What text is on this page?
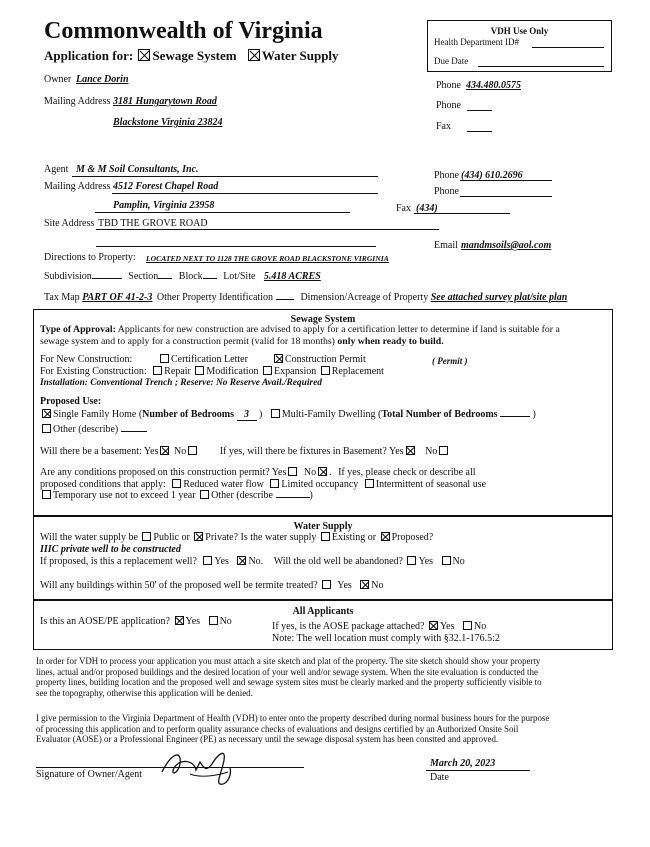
Commonwealth of Virginia
Application for: Sewage System Water Supply
VDH Use Only
Health Department ID#
Due Date
Owner Lance Dorin
Mailing Address 3181 Hungarytown Road
Blackstone Virginia 23824
Phone 434.480.0575
Phone
Fax
Agent M & M Soil Consultants, Inc.
Mailing Address 4512 Forest Chapel Road
Pamplin, Virginia 23958
Phone (434) 610.2696
Phone
Fax (434)
Site Address TBD THE GROVE ROAD
Email mandmsoils@aol.com
Directions to Property: LOCATED NEXT TO 1128 THE GROVE ROAD BLACKSTONE VIRGINIA
Subdivision	Section Block Lot/Site 5.418 ACRES
Tax Map PART OF 41-2-3 Other Property Identification	Dimension/Acreage of Property See attached survey plat/site plan
Sewage System
Type of Approval: Applicants for new construction are advised to apply for a certification letter to determine if land is suitable for a
sewage system and to apply for a construction permit (valid for 18 months) only when ready to build.
For New Construction:	Certification Letter	Construction Permit	( Permit )
For Existing Construction: Repair Modification Expansion Replacement
Installation: Conventional Trench ; Reserve: No Reserve Avail./Required
Proposed Use:
Single Family Home (Number of Bedrooms 3 ) Multi-Family Dwelling (Total Number of Bedrooms	)
Other (describe)
Will there be a basement: Yes No	If yes, will there be fixtures in Basement? Yes No
Are any conditions proposed on this construction permit? Yes No . If yes, please check or describe all
proposed conditions that apply: Reduced water flow Limited occupancy Intermittent of seasonal use
Temporary use not to exceed 1 year Other (describe	)
Water Supply
Will the water supply be Public or Private? Is the water supply Existing or Proposed?
IIIC private well to be constructed
If proposed, is this a replacement well? Yes No. Will the old well be abandoned? Yes No
Will any buildings within 50' of the proposed well be termite treated? Yes No
All Applicants
Is this an AOSE/PE application? Yes No	If yes, is the AOSE package attached? Yes No
Note: The well location must comply with §32.1-176.5:2
In order for VDH to process your application you must attach a site sketch and plat of the property. The site sketch should show your property
lines, actual and/or proposed buildings and the desired location of your well and/or sewage system. When the site evaluation is conducted the
property lines, building location and the proposed well and sewage system sites must be clearly marked and the property sufficiently visible to
see the topography, otherwise this application will be denied.
I give permission to the Virginia Department of Health (VDH) to enter onto the property described during normal business hours for the purpose
of processing this application and to perform quality assurance checks of evaluations and designs certified by an Authorized Onsite Soil
Evaluator (AOSE) or a Professional Engineer (PE) as necessary until the sewage disposal system has been constted and approved.
Signature of Owner/Agent
March 20, 2023
Date
